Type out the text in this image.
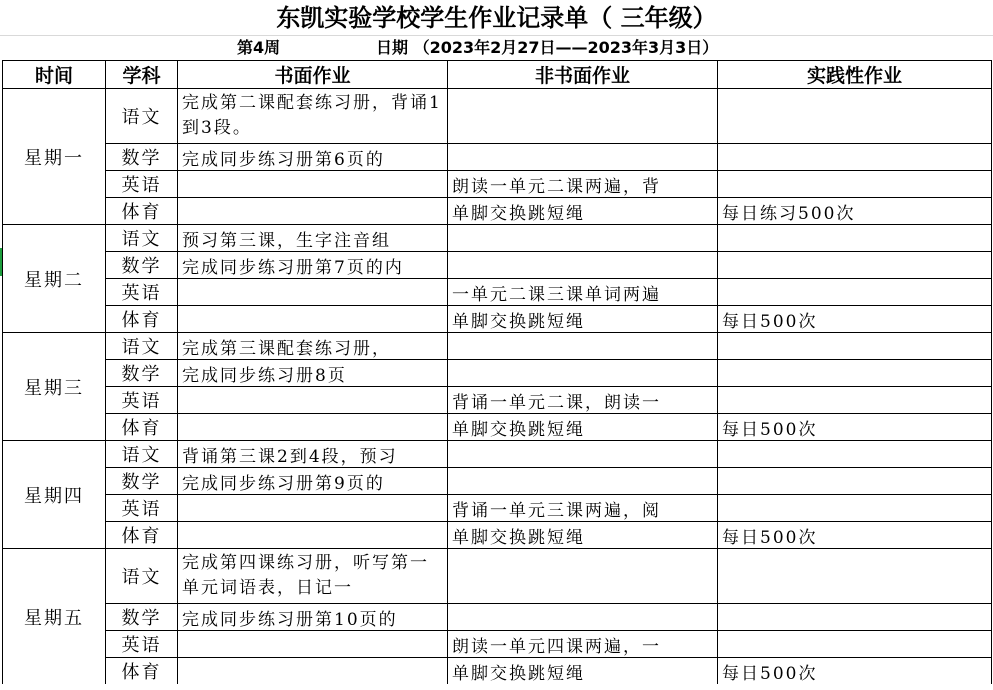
东凯实验学校学生作业记录单（ 三年级）
第4周	日期 （2023年2月27日——2023年3月3日）
时间	学科	书面作业	非书面作业	实践性作业
星期一	语文	完成第二课配套练习册，背诵1到3段。		
	数学	完成同步练习册第6页的		
	英语		朗读一单元二课两遍，背	
	体育		单脚交换跳短绳	每日练习500次
星期二	语文	预习第三课，生字注音组		
	数学	完成同步练习册第7页的内		
	英语		一单元二课三课单词两遍	
	体育		单脚交换跳短绳	每日500次
星期三	语文	完成第三课配套练习册，		
	数学	完成同步练习册8页		
	英语		背诵一单元二课，朗读一	
	体育		单脚交换跳短绳	每日500次
星期四	语文	背诵第三课2到4段，预习		
	数学	完成同步练习册第9页的		
	英语		背诵一单元三课两遍，阅	
	体育		单脚交换跳短绳	每日500次
星期五	语文	完成第四课练习册，听写第一单元词语表，日记一		
	数学	完成同步练习册第10页的		
	英语		朗读一单元四课两遍，一	
	体育		单脚交换跳短绳	每日500次
